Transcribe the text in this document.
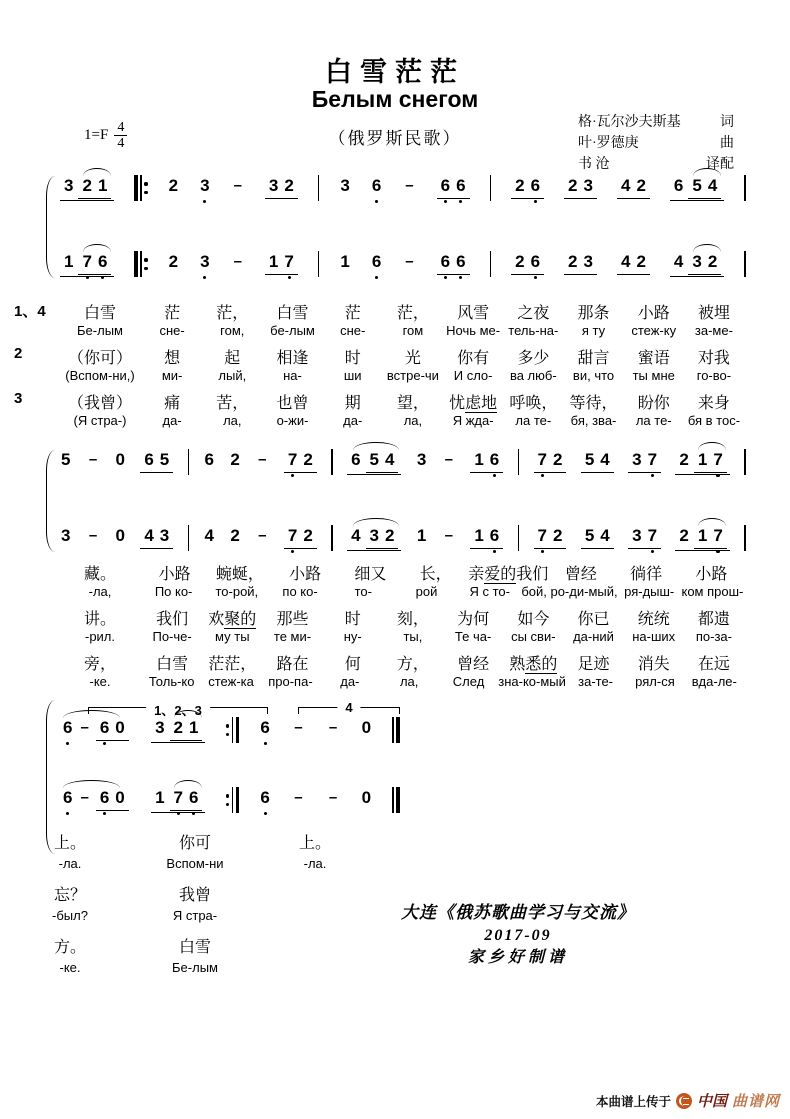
白雪茫茫
Белым снегом
（俄罗斯民歌）
$1=F \frac{4}{4}$	格·瓦尔沙夫斯基	词
叶·罗德庚	曲
书 沧	译配
3 2 1	2 3 – 3 2	3 6 – 6 6	2 6 2 3 4 2 6 5 4
1 7 6	2 3 – 1 7	1 6 – 6 6	2 6 2 3 4 2 4 3 2
1、4	白雪	茫	茫，	白雪	茫	茫，	风雪	之夜	那条	小路	被埋
Бе-лым	сне-	гом,	бе-лым	сне-	гом	Ночь ме- тель-на-	я ту	стеж-ку	за-ме-
2	（你可）	想	起	相逢	时	光	你有	多少	甜言	蜜语	对我
(Вспом-ни,)	ми-	лый,	на-	ши	встре-чи	И сло-	ва люб-	ви, что	ты мне	го-во-
3	（我曾）	痛	苦，	也曾	期	望，	忧虑地 呼唤， 等待，	盼你	来身
(Я стра-)	да-	ла,	о-жи-	да-	ла,	Я жда-	ла те-	бя, зва-	ла те-	бя в тос-
5 – 0 6 5 6 2 – 7 2 6 5 4 3 – 1 6 7 2 5 4 3 7 2 1 7
3 – 0 4 3 4 2 – 7 2 4 3 2 1 – 1 6 7 2 5 4 3 7 2 1 7
藏。	小路	蜿蜒，	小路	细又	长，	亲爱的我们	曾经	徜徉	小路
-ла,	По ко-	то-рой,	по ко-	то-	рой	Я с то- бой, ро-ди-мый, ря-дыш- ком прош-
讲。	我们	欢聚的	那些	时	刻，	为何	如今	你已	统统	都遗
-рил.	По-че-	му ты	те ми-	ну-	ты,	Те ча-	сы сви-	да-ний	на-ших	по-за-
旁，	白雪	茫茫，	路在	何	方，	曾经	熟悉的	足迹	消失	在远
-ке.	Толь-ко	стеж-ка	про-па-	да-	ла,	След	зна-ко-мый за-те-	рял-ся	вда-ле-
1、2、3	4
6 – 6 0 3 2 1	6 – – 0
6 – 6 0 1 7 6	6 – – 0
上。	你可	上。
-ла.	Вспом-ни	-ла.
忘？	我曾
-был?	Я стра-
方。	白雪
-ке.	Бе-лым
大连《俄苏歌曲学习与交流》
2017-09
家乡好制谱
本曲谱上传于 中国 曲谱网
